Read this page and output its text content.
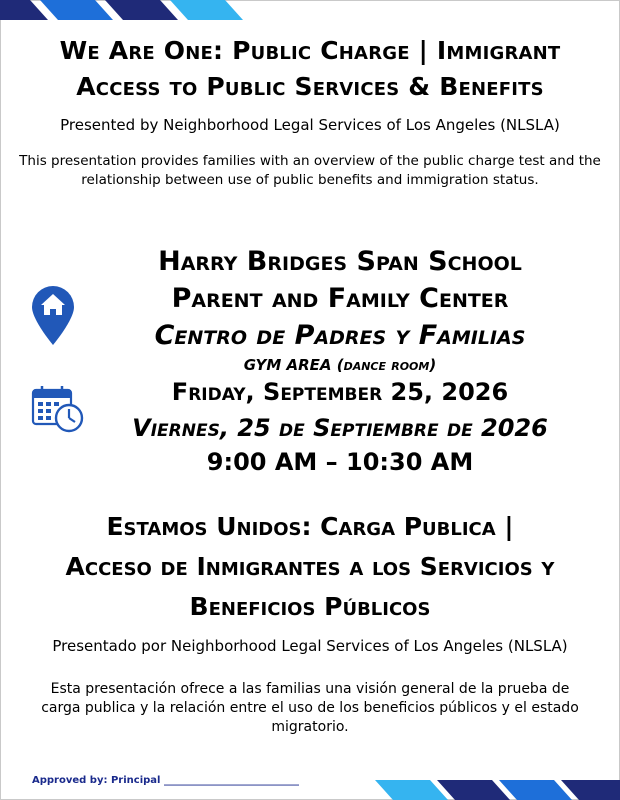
We Are One: Public Charge | Immigrant
Access to Public Services & Benefits
Presented by Neighborhood Legal Services of Los Angeles (NLSLA)
This presentation provides families with an overview of the public charge test and the relationship between use of public benefits and immigration status.
Harry Bridges Span School
Parent and Family Center
Centro de Padres y Familias
GYM AREA (dance room)
Friday, September 25, 2026
Viernes, 25 de Septiembre de 2026
9:00 AM – 10:30 AM
Estamos Unidos: Carga Publica |
Acceso de Inmigrantes a los Servicios y
Beneficios Públicos
Presentado por Neighborhood Legal Services of Los Angeles (NLSLA)
Esta presentación ofrece a las familias una visión general de la prueba de carga publica y la relación entre el uso de los beneficios públicos y el estado migratorio.
Approved by: Principal ___________________________
